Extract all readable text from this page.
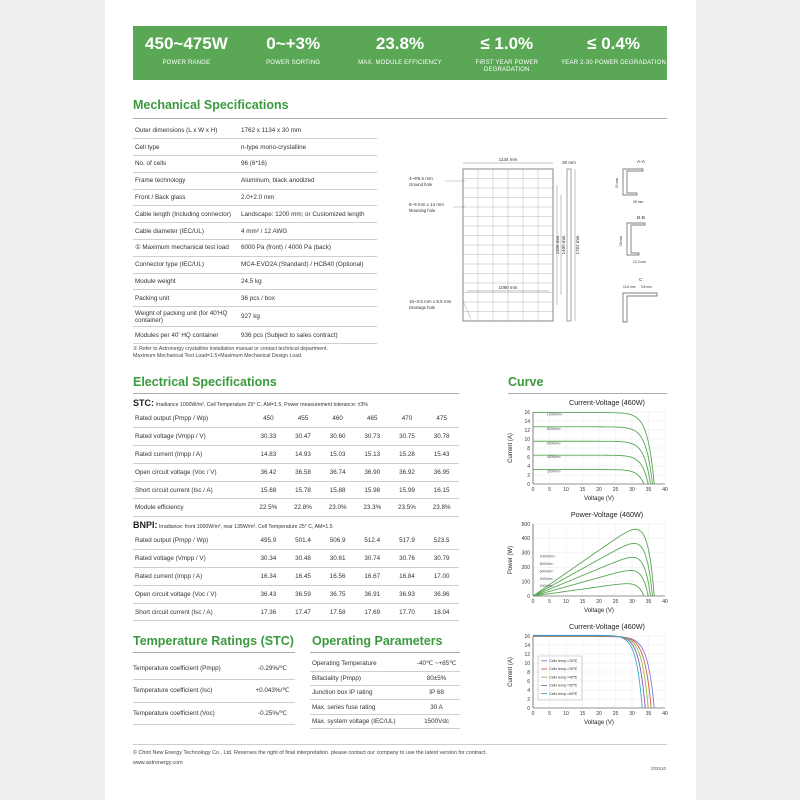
450~475W
POWER RANGE
0~+3%
POWER SORTING
23.8%
MAX. MODULE EFFICIENCY
≤ 1.0%
FIRST YEAR POWER DEGRADATION
≤ 0.4%
YEAR 2-30 POWER DEGRADATION
Mechanical Specifications
Outer dimensions (L x W x H)	1762 x 1134 x 30 mm
Cell type	n-type mono-crystalline
No. of cells	96 (6*16)
Frame technology	Aluminum, black anodized
Front / Back glass	2.0+2.0 mm
Cable length (Including connector)	Landscape: 1200 mm; or Customized length
Cable diameter (IEC/UL)	4 mm² / 12 AWG
① Maximum mechanical test load	6000 Pa (front) / 4000 Pa (back)
Connector type (IEC/UL)	MC4-EVO2A (Standard) / HCB40 (Optional)
Module weight	24.5 kg
Packing unit	36 pcs / box
Weight of packing unit (for 40'HQ container)	927 kg
Modules per 40' HQ container	936 pcs (Subject to sales contract)
① Refer to Astronergy crystalline installation manual or contact technical department.
Maximum Mechanical Test Load=1.5×Maximum Mechanical Design Load.
1134 mm
30 mm
1100 mm 1400 mm 1762 mm
1090 mm
4~Φ5.5 mm
Ground hole
8~9 mm x 14 mm
Mounting hole
16~3.5 mm x 8.5 mm
Drainage hole
A-A
30 mm
28 mm
B-B
28 mm
12.2 mm
C
14.6 mm 9.8 mm
Electrical Specifications	Curve
STC: Irradiance 1000W/m², Cell Temperature 25° C, AM=1.5, Power measurement tolerance: ±3%
Rated output (Pmpp / Wp)	450	455	460	465	470	475
Rated voltage (Vmpp / V)	30.33	30.47	30.60	30.73	30.75	30.78
Rated current (Impp / A)	14.83	14.93	15.03	15.13	15.28	15.43
Open circuit voltage (Voc / V)	36.42	36.58	36.74	36.90	36.92	36.95
Short circuit current (Isc / A)	15.68	15.78	15.88	15.98	15.99	16.15
Module efficiency	22.5%	22.8%	23.0%	23.3%	23.5%	23.8%
BNPI: Irradiance: front 1000W/m², rear 135W/m², Cell Temperature 25° C, AM=1.5
Rated output (Pmpp / Wp)	495.9	501.4	506.9	512.4	517.9	523.5
Rated voltage (Vmpp / V)	30.34	30.48	30.61	30.74	30.76	30.79
Rated current (Impp / A)	16.34	16.45	16.56	16.67	16.84	17.00
Open circuit voltage (Voc / V)	36.43	36.59	36.75	36.91	36.93	36.96
Short circuit current (Isc / A)	17.36	17.47	17.58	17.69	17.70	18.04
Temperature Ratings (STC)
Temperature coefficient (Pmpp)	-0.29%/℃
Temperature coefficient (Isc)	+0.043%/℃
Temperature coefficient (Voc)	-0.25%/℃
Operating Parameters
Operating Temperature	-40℃ ~+85℃
Bifaciality (Pmpp)	80±5%
Junction box IP rating	IP 68
Max. series fuse rating	30 A
Max. system voltage (IEC/UL)	1500Vdc
Current-Voltage (460W)
0	5 10 15 20 25 30 35 40
0
2
4
6
8
10
12
14
16
Voltage (V)
Current (A)
1000W/m²
800W/m²
600W/m²
400W/m²
200W/m²
Power-Voltage (460W)
0	5 10 15 20 25 30 35 40
0
100
200
300
400
500
Voltage (V)
Power (W)	1000W/m²
800W/m²
600W/m²
400W/m²
200W/m²
Current-Voltage (460W)
0	5 10 15 20 25 30 35 40
0
2
4
6
8
10
12
14
16
Voltage (V)
Current (A)	Cells temp.=25℃
Cells temp.=35℃
Cells temp.=45℃
Cells temp.=55℃
Cells temp.=65℃
© Chint New Energy Technology Co., Ltd. Reserves the right of final interpretation. please contact our company to use the latest version for contract.
www.astronergy.com
202510
